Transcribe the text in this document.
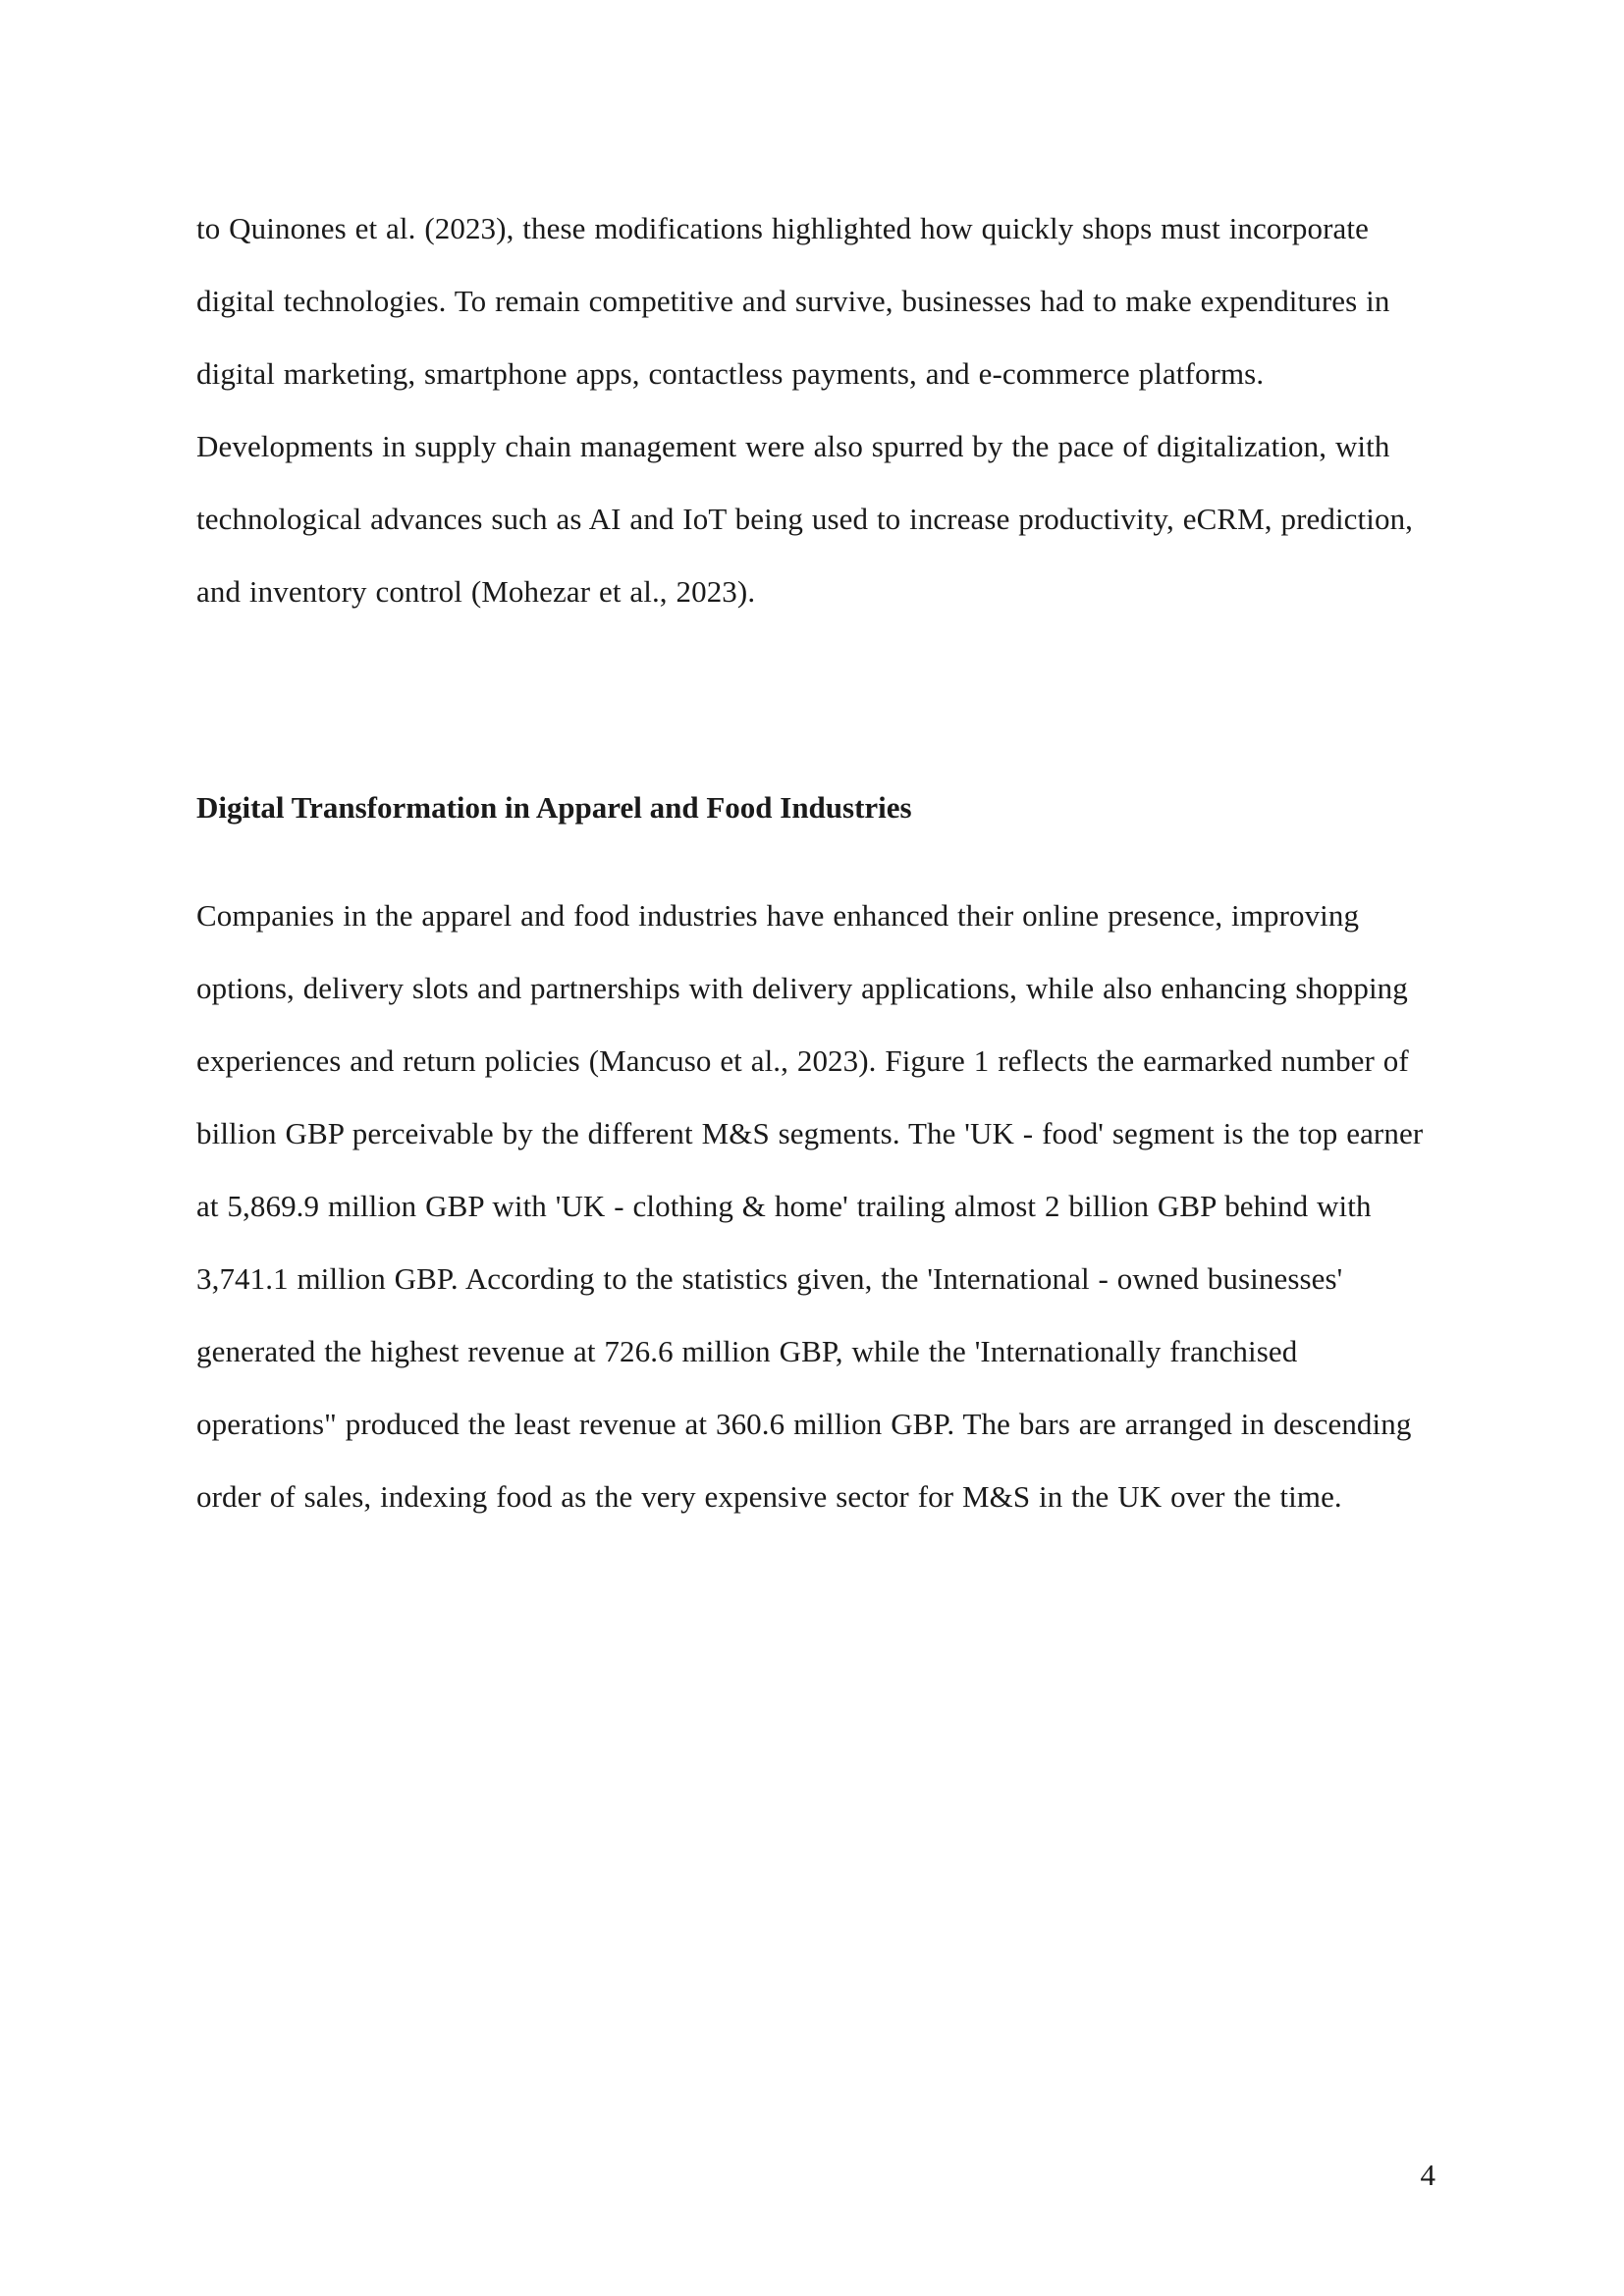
to Quinones et al. (2023), these modifications highlighted how quickly shops must incorporate digital technologies. To remain competitive and survive, businesses had to make expenditures in digital marketing, smartphone apps, contactless payments, and e-commerce platforms. Developments in supply chain management were also spurred by the pace of digitalization, with technological advances such as AI and IoT being used to increase productivity, eCRM, prediction, and inventory control (Mohezar et al., 2023).

Digital Transformation in Apparel and Food Industries

Companies in the apparel and food industries have enhanced their online presence, improving options, delivery slots and partnerships with delivery applications, while also enhancing shopping experiences and return policies (Mancuso et al., 2023). Figure 1 reflects the earmarked number of billion GBP perceivable by the different M&S segments. The 'UK - food' segment is the top earner at 5,869.9 million GBP with 'UK - clothing & home' trailing almost 2 billion GBP behind with 3,741.1 million GBP. According to the statistics given, the 'International - owned businesses' generated the highest revenue at 726.6 million GBP, while the 'Internationally franchised operations" produced the least revenue at 360.6 million GBP. The bars are arranged in descending order of sales, indexing food as the very expensive sector for M&S in the UK over the time.

4
